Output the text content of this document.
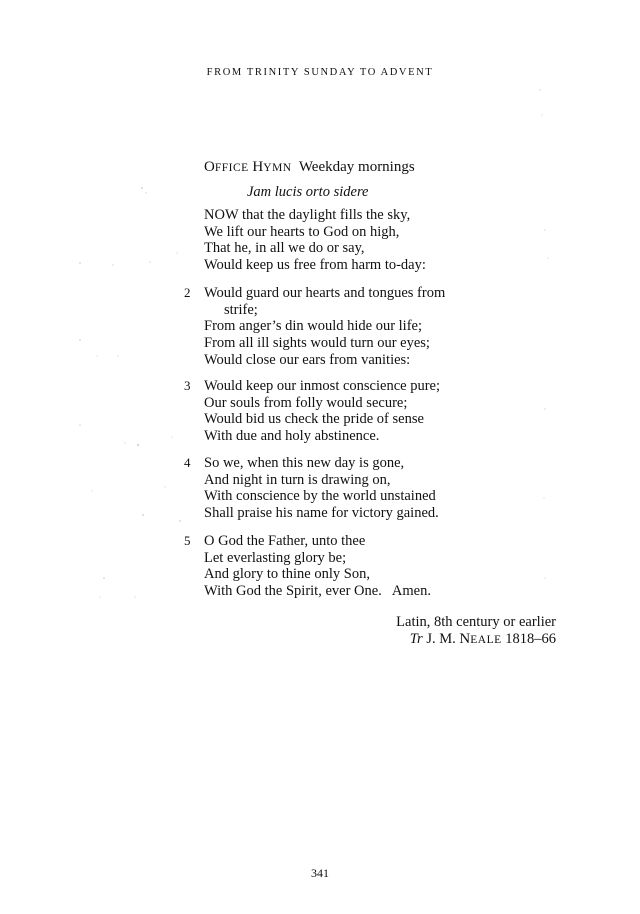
FROM TRINITY SUNDAY TO ADVENT
OFFICE HYMN Weekday mornings
Jam lucis orto sidere
NOW that the daylight fills the sky,
We lift our hearts to God on high,
That he, in all we do or say,
Would keep us free from harm to-day:
2 Would guard our hearts and tongues from
strife;
From anger’s din would hide our life;
From all ill sights would turn our eyes;
Would close our ears from vanities:
3 Would keep our inmost conscience pure;
Our souls from folly would secure;
Would bid us check the pride of sense
With due and holy abstinence.
4 So we, when this new day is gone,
And night in turn is drawing on,
With conscience by the world unstained
Shall praise his name for victory gained.
5 O God the Father, unto thee
Let everlasting glory be;
And glory to thine only Son,
With God the Spirit, ever One.   Amen.
Latin, 8th century or earlier
Tr J. M. NEALE 1818–66
341
